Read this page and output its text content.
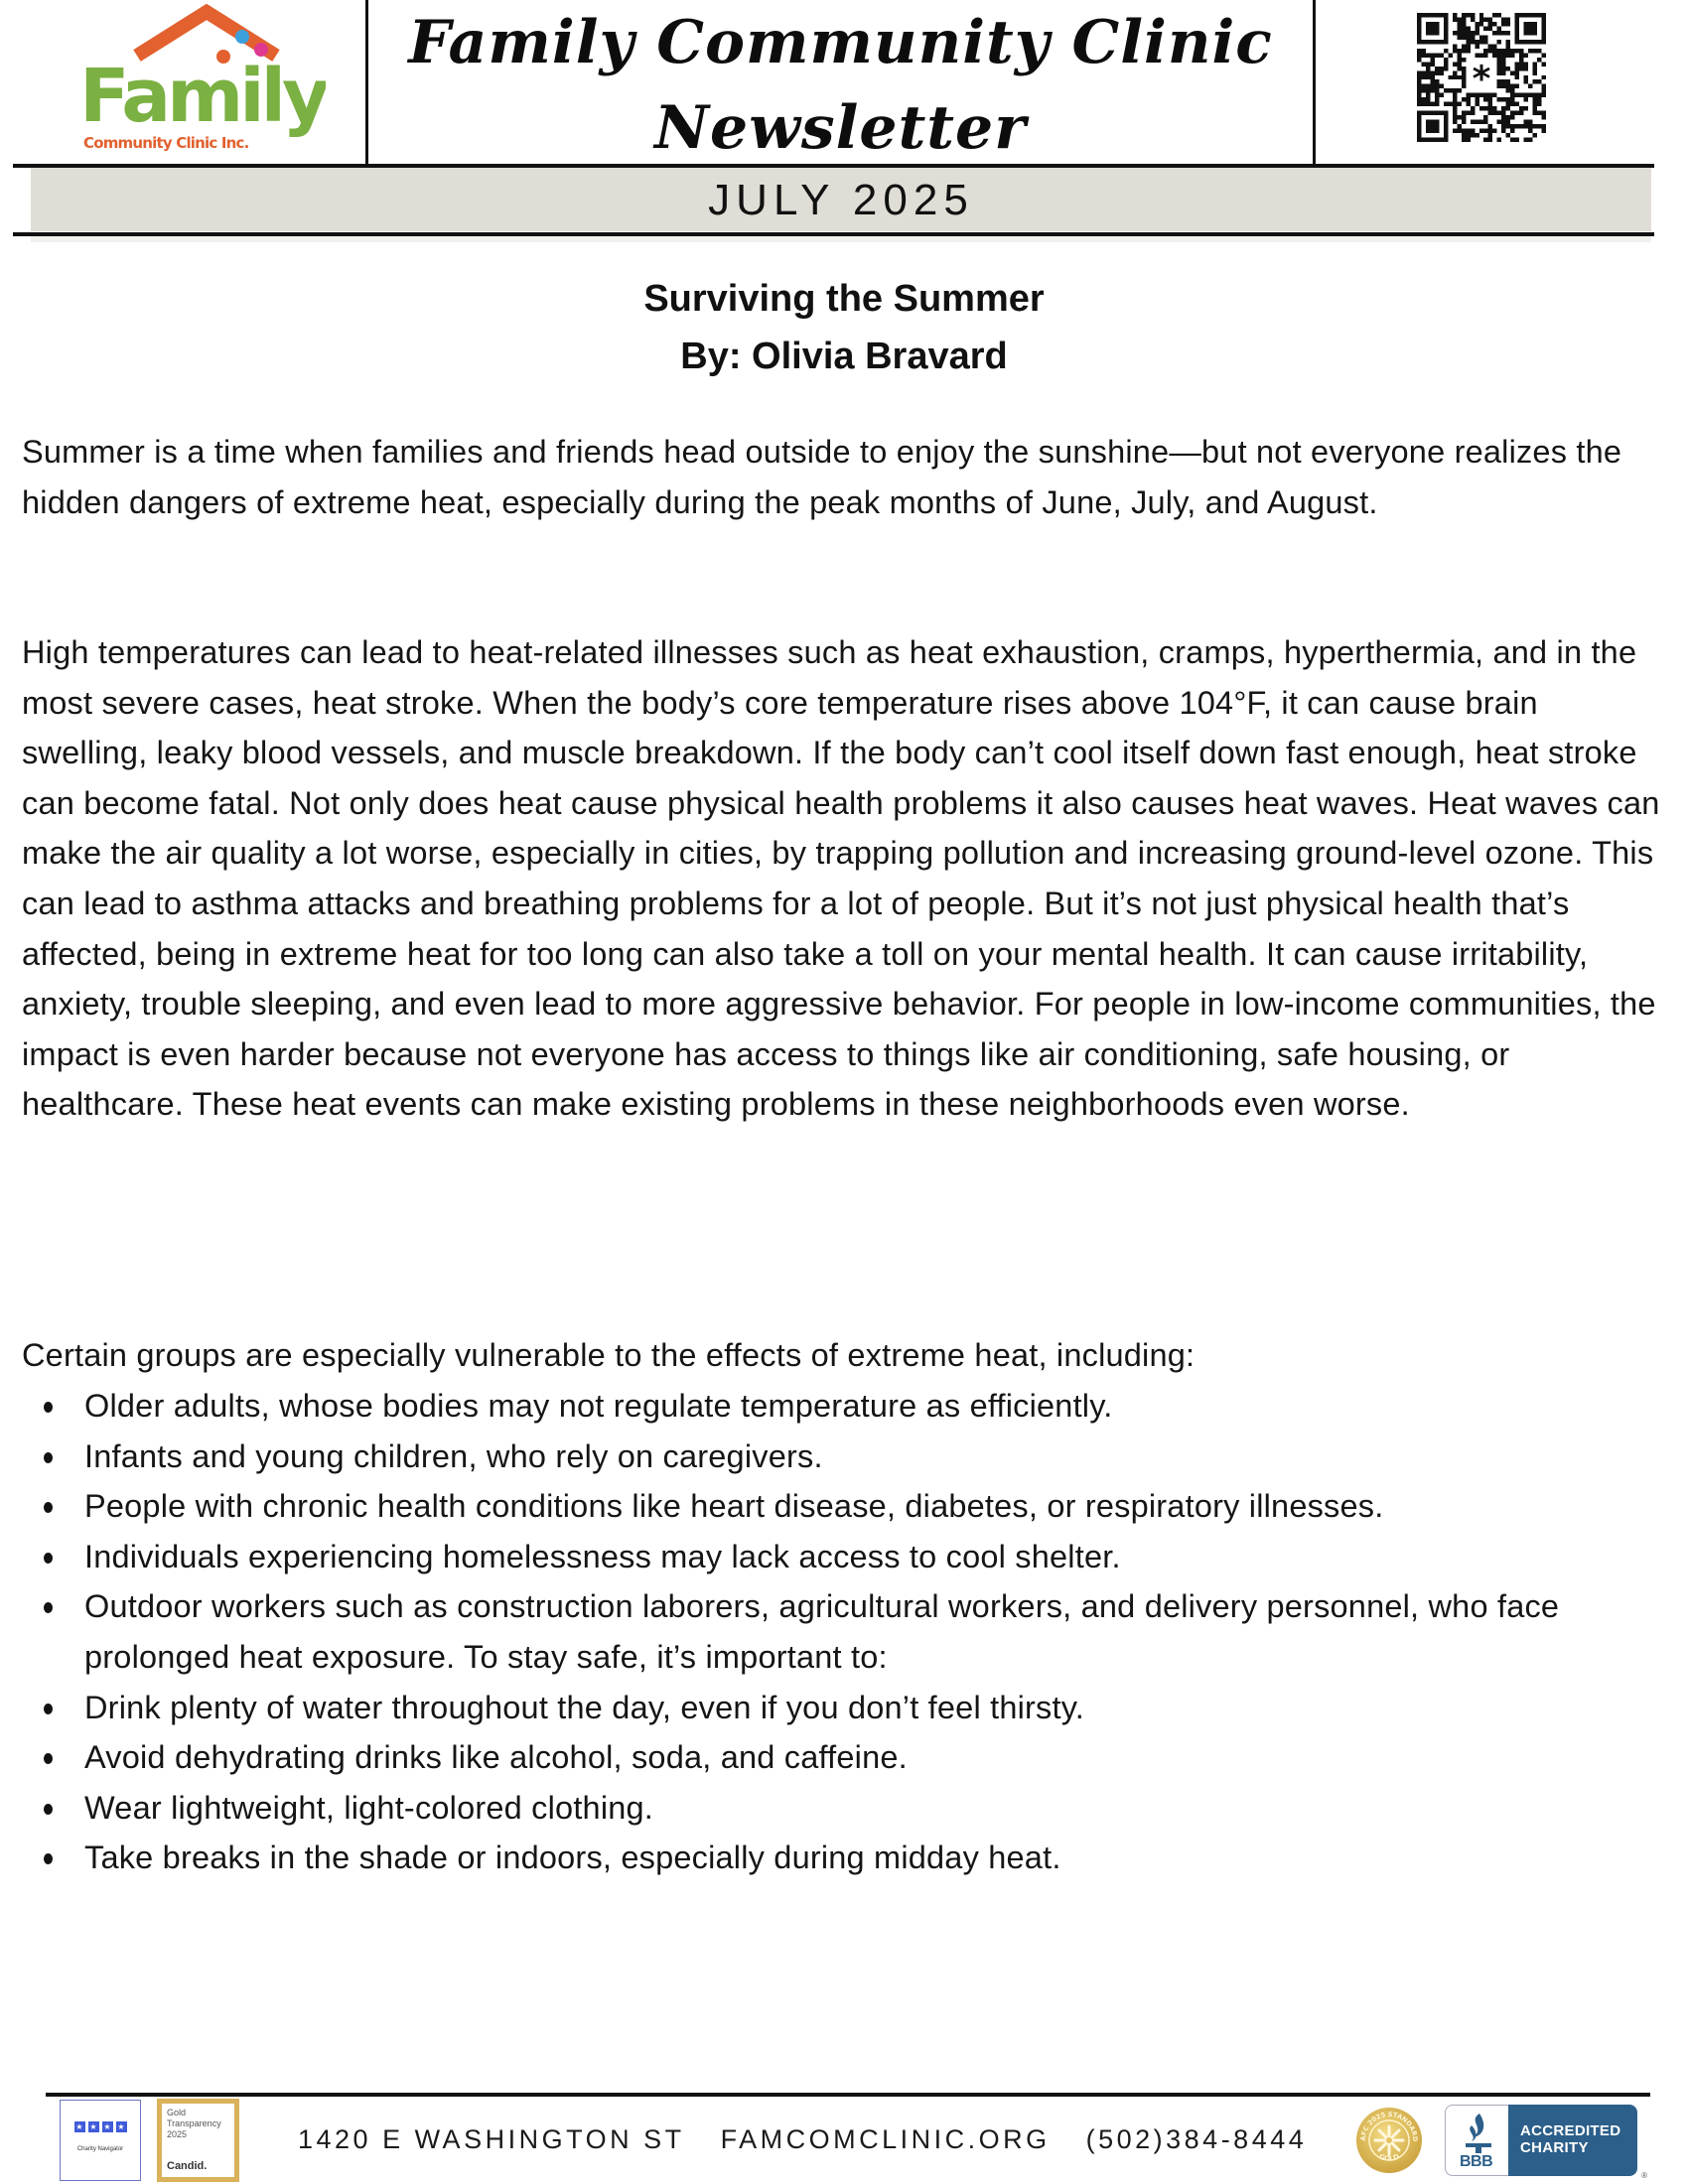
Family
Community Clinic Inc.
Family Community Clinic
Newsletter
*
JULY 2025
Surviving the Summer
By: Olivia Bravard

Summer is a time when families and friends head outside to enjoy the sunshine—but not everyone realizes the hidden dangers of extreme heat, especially during the peak months of June, July, and August.

High temperatures can lead to heat-related illnesses such as heat exhaustion, cramps, hyperthermia, and in the most severe cases, heat stroke. When the body’s core temperature rises above 104°F, it can cause brain swelling, leaky blood vessels, and muscle breakdown. If the body can’t cool itself down fast enough, heat stroke can become fatal. Not only does heat cause physical health problems it also causes heat waves. Heat waves can make the air quality a lot worse, especially in cities, by trapping pollution and increasing ground-level ozone. This can lead to asthma attacks and breathing problems for a lot of people. But it’s not just physical health that’s affected, being in extreme heat for too long can also take a toll on your mental health. It can cause irritability, anxiety, trouble sleeping, and even lead to more aggressive behavior. For people in low-income communities, the impact is even harder because not everyone has access to things like air conditioning, safe housing, or healthcare. These heat events can make existing problems in these neighborhoods even worse.

Certain groups are especially vulnerable to the effects of extreme heat, including:

Older adults, whose bodies may not regulate temperature as efficiently.
Infants and young children, who rely on caregivers.
People with chronic health conditions like heart disease, diabetes, or respiratory illnesses.
Individuals experiencing homelessness may lack access to cool shelter.
Outdoor workers such as construction laborers, agricultural workers, and delivery personnel, who face prolonged heat exposure. To stay safe, it’s important to:
Drink plenty of water throughout the day, even if you don’t feel thirsty.
Avoid dehydrating drinks like alcohol, soda, and caffeine.
Wear lightweight, light-colored clothing.
Take breaks in the shade or indoors, especially during midday heat.
★ ★ ★ ★
Charity Navigator
Gold
Transparency
2025
Candid.
1420 E WASHINGTON ST FAMCOMCLINIC.ORG (502)384-8444	AFC 2025 STANDARD
GOLD	BBB
ACCREDITED
CHARITY
®
